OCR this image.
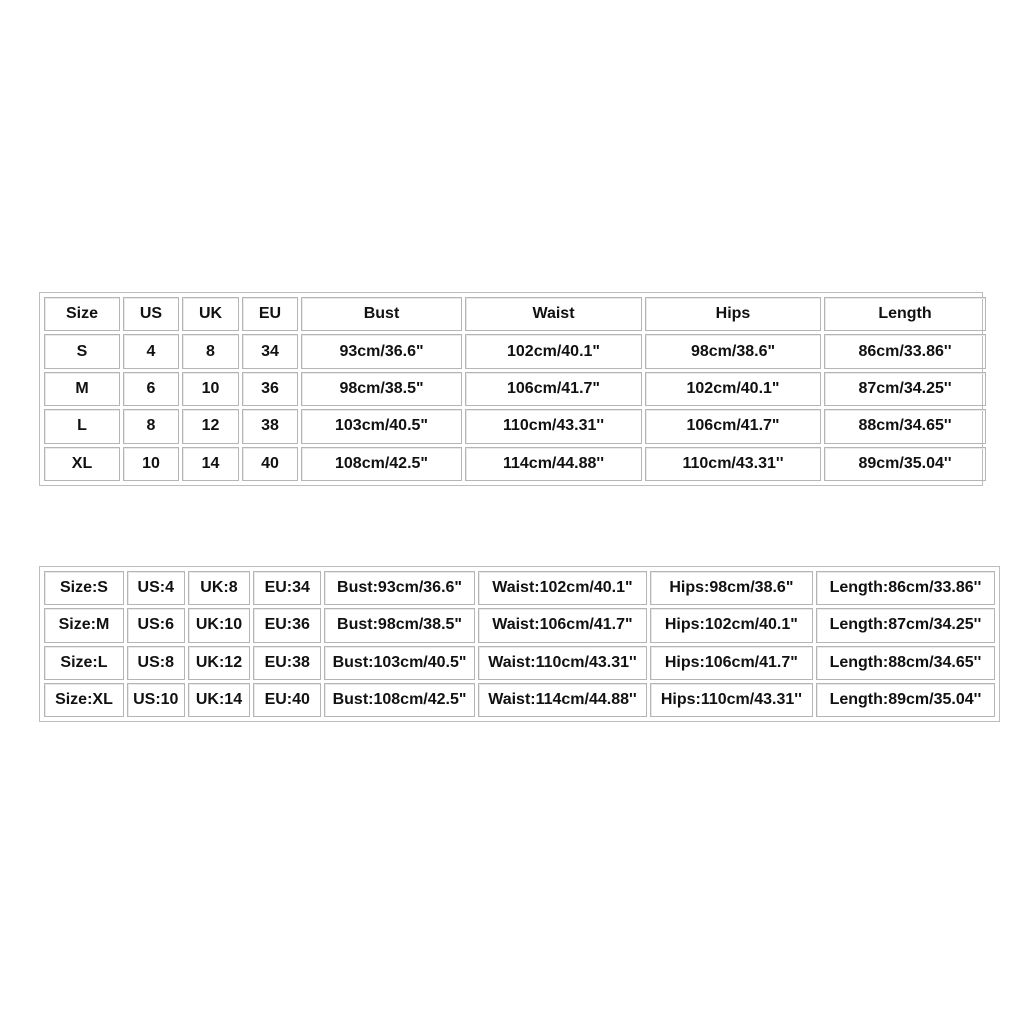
Size	US	UK	EU	Bust	Waist	Hips	Length
S	4	8	34	93cm/36.6"	102cm/40.1"	98cm/38.6"	86cm/33.86''
M	6	10	36	98cm/38.5"	106cm/41.7"	102cm/40.1"	87cm/34.25''
L	8	12	38	103cm/40.5"	110cm/43.31''	106cm/41.7"	88cm/34.65''
XL	10	14	40	108cm/42.5"	114cm/44.88''	110cm/43.31''	89cm/35.04''
Size:S	US:4	UK:8	EU:34	Bust:93cm/36.6"	Waist:102cm/40.1"	Hips:98cm/38.6"	Length:86cm/33.86''
Size:M	US:6	UK:10	EU:36	Bust:98cm/38.5"	Waist:106cm/41.7"	Hips:102cm/40.1"	Length:87cm/34.25''
Size:L	US:8	UK:12	EU:38	Bust:103cm/40.5"	Waist:110cm/43.31''	Hips:106cm/41.7"	Length:88cm/34.65''
Size:XL	US:10	UK:14	EU:40	Bust:108cm/42.5"	Waist:114cm/44.88''	Hips:110cm/43.31''	Length:89cm/35.04''
